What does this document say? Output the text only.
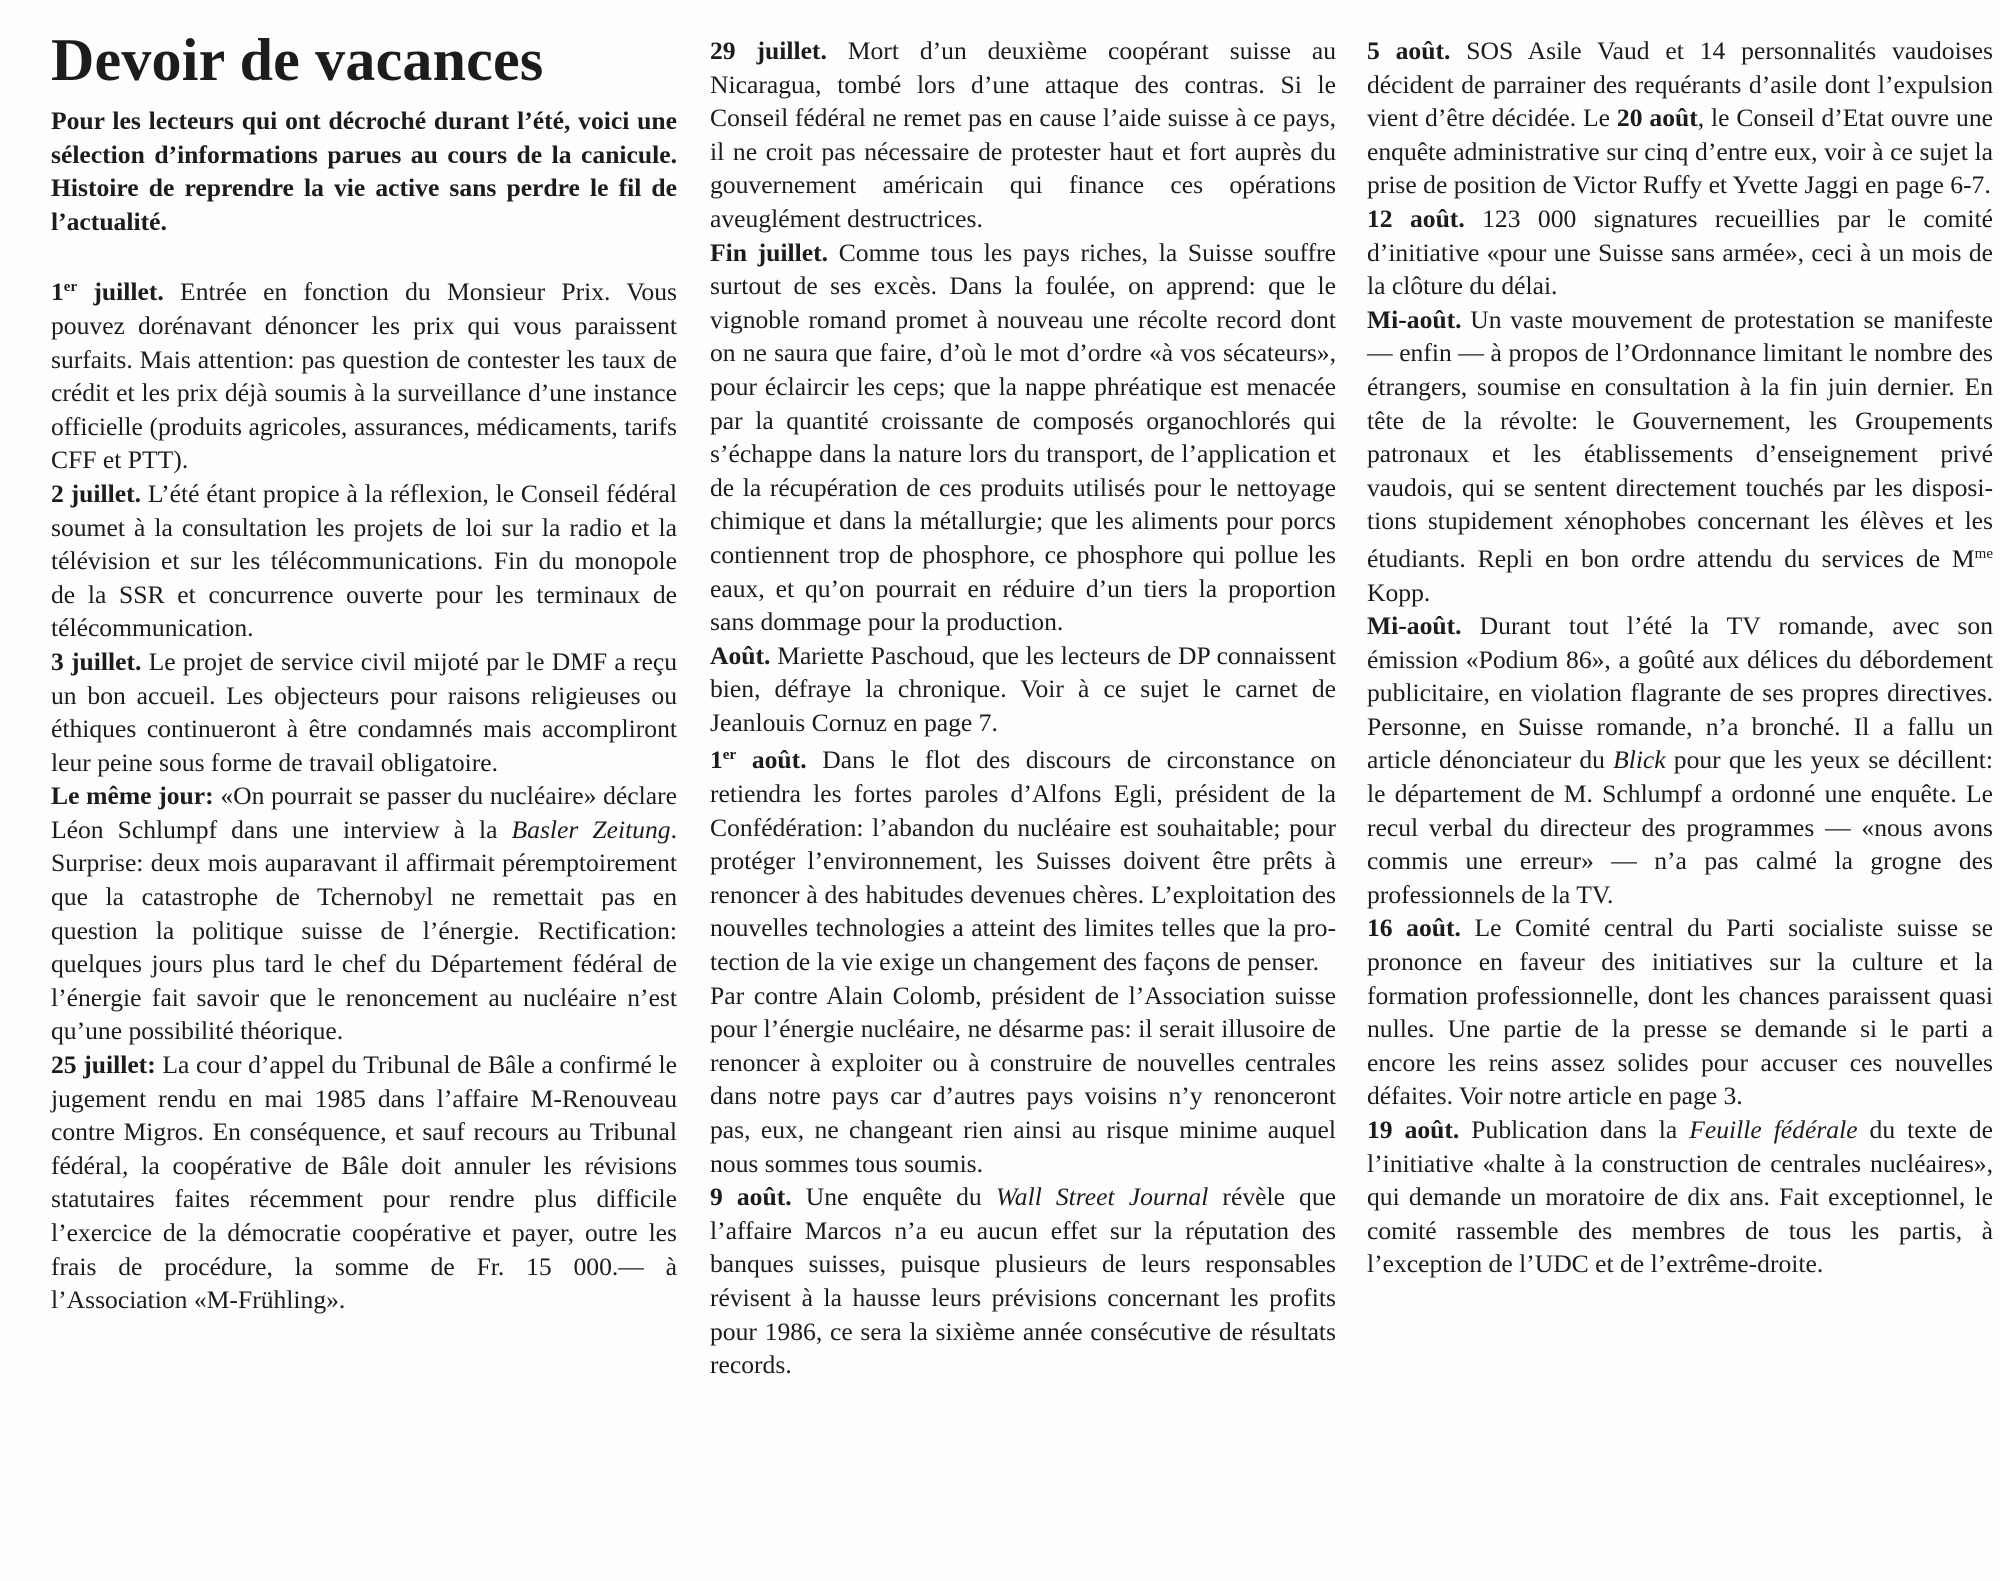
Devoir de vacances

Pour les lecteurs qui ont décroché durant l’été, voici une sélection d’informations parues au cours de la canicule. Histoire de reprendre la vie active sans perdre le fil de l’actualité.

1er juillet. Entrée en fonction du Monsieur Prix. Vous pouvez dorénavant dénoncer les prix qui vous paraissent surfaits. Mais attention: pas question de contester les taux de crédit et les prix déjà soumis à la surveillance d’une instance officielle (produits agricoles, assurances, médicaments, tarifs CFF et PTT).

2 juillet. L’été étant propice à la réflexion, le Conseil fédéral soumet à la consultation les projets de loi sur la radio et la télévision et sur les télécommunications. Fin du monopole de la SSR et concurrence ouverte pour les terminaux de télécommunication.

3 juillet. Le projet de service civil mijoté par le DMF a reçu un bon accueil. Les objecteurs pour raisons religieuses ou éthiques continueront à être condamnés mais accompliront leur peine sous forme de travail obligatoire.

Le même jour: «On pourrait se passer du nucléaire» déclare Léon Schlumpf dans une interview à la Basler Zeitung. Surprise: deux mois auparavant il affirmait péremptoirement que la catastrophe de Tchernobyl ne remettait pas en question la politique suisse de l’énergie. Rectification: quelques jours plus tard le chef du Département fédéral de l’énergie fait savoir que le renoncement au nucléaire n’est qu’une possibilité théorique.

25 juillet: La cour d’appel du Tribunal de Bâle a confirmé le jugement rendu en mai 1985 dans l’affaire M-Renouveau contre Migros. En conséquence, et sauf recours au Tribunal fédéral, la coopérative de Bâle doit annuler les révisions statutaires faites récemment pour rendre plus difficile l’exercice de la démocratie coopérative et payer, outre les frais de procédure, la somme de Fr. 15 000.— à l’Association «M-Frühling».

29 juillet. Mort d’un deuxième coopérant suisse au Nicaragua, tombé lors d’une attaque des contras. Si le Conseil fédéral ne remet pas en cause l’aide suisse à ce pays, il ne croit pas nécessaire de protester haut et fort auprès du gouvernement américain qui finance ces opérations aveuglément destructrices.

Fin juillet. Comme tous les pays riches, la Suisse souffre surtout de ses excès. Dans la foulée, on apprend: que le vignoble romand promet à nouveau une récolte record dont on ne saura que faire, d’où le mot d’ordre «à vos sécateurs», pour éclaircir les ceps; que la nappe phréatique est menacée par la quantité croissante de composés organochlorés qui s’échappe dans la nature lors du transport, de l’application et de la récupération de ces produits utilisés pour le nettoyage chimique et dans la métallurgie; que les aliments pour porcs contiennent trop de phosphore, ce phosphore qui pollue les eaux, et qu’on pourrait en réduire d’un tiers la proportion sans dommage pour la production.

Août. Mariette Paschoud, que les lecteurs de DP connaissent bien, défraye la chronique. Voir à ce sujet le carnet de Jeanlouis Cornuz en page 7.

1er août. Dans le flot des discours de circonstance on retiendra les fortes paroles d’Alfons Egli, président de la Confédération: l’abandon du nucléaire est souhaitable; pour protéger l’environnement, les Suisses doivent être prêts à renoncer à des habitudes devenues chères. L’exploitation des nouvelles technologies a atteint des limites telles que la protection de la vie exige un changement des façons de penser.

Par contre Alain Colomb, président de l’Association suisse pour l’énergie nucléaire, ne désarme pas: il serait illusoire de renoncer à exploiter ou à construire de nouvelles centrales dans notre pays car d’autres pays voisins n’y renonceront pas, eux, ne changeant rien ainsi au risque minime auquel nous sommes tous soumis.

9 août. Une enquête du Wall Street Journal révèle que l’affaire Marcos n’a eu aucun effet sur la réputation des banques suisses, puisque plusieurs de leurs responsables révisent à la hausse leurs prévisions concernant les profits pour 1986, ce sera la sixième année consécutive de résultats records.

5 août. SOS Asile Vaud et 14 personnalités vaudoises décident de parrainer des requérants d’asile dont l’expulsion vient d’être décidée. Le 20 août, le Conseil d’Etat ouvre une enquête administrative sur cinq d’entre eux, voir à ce sujet la prise de position de Victor Ruffy et Yvette Jaggi en page 6-7.

12 août. 123 000 signatures recueillies par le comité d’initiative «pour une Suisse sans armée», ceci à un mois de la clôture du délai.

Mi-août. Un vaste mouvement de protestation se manifeste — enfin — à propos de l’Ordonnance limitant le nombre des étrangers, soumise en consultation à la fin juin dernier. En tête de la révolte: le Gouvernement, les Groupements patronaux et les établissements d’enseignement privé vaudois, qui se sentent directement touchés par les dispositions stupidement xénophobes concernant les élèves et les étudiants. Repli en bon ordre attendu du services de $M^{me}$ Kopp.

Mi-août. Durant tout l’été la TV romande, avec son émission «Podium 86», a goûté aux délices du débordement publicitaire, en violation flagrante de ses propres directives. Personne, en Suisse romande, n’a bronché. Il a fallu un article dénonciateur du Blick pour que les yeux se décillent: le département de M. Schlumpf a ordonné une enquête. Le recul verbal du directeur des programmes — «nous avons commis une erreur» — n’a pas calmé la grogne des professionnels de la TV.

16 août. Le Comité central du Parti socialiste suisse se prononce en faveur des initiatives sur la culture et la formation professionnelle, dont les chances paraissent quasi nulles. Une partie de la presse se demande si le parti a encore les reins assez solides pour accuser ces nouvelles défaites. Voir notre article en page 3.

19 août. Publication dans la Feuille fédérale du texte de l’initiative «halte à la construction de centrales nucléaires», qui demande un moratoire de dix ans. Fait exceptionnel, le comité rassemble des membres de tous les partis, à l’exception de l’UDC et de l’extrême-droite.
